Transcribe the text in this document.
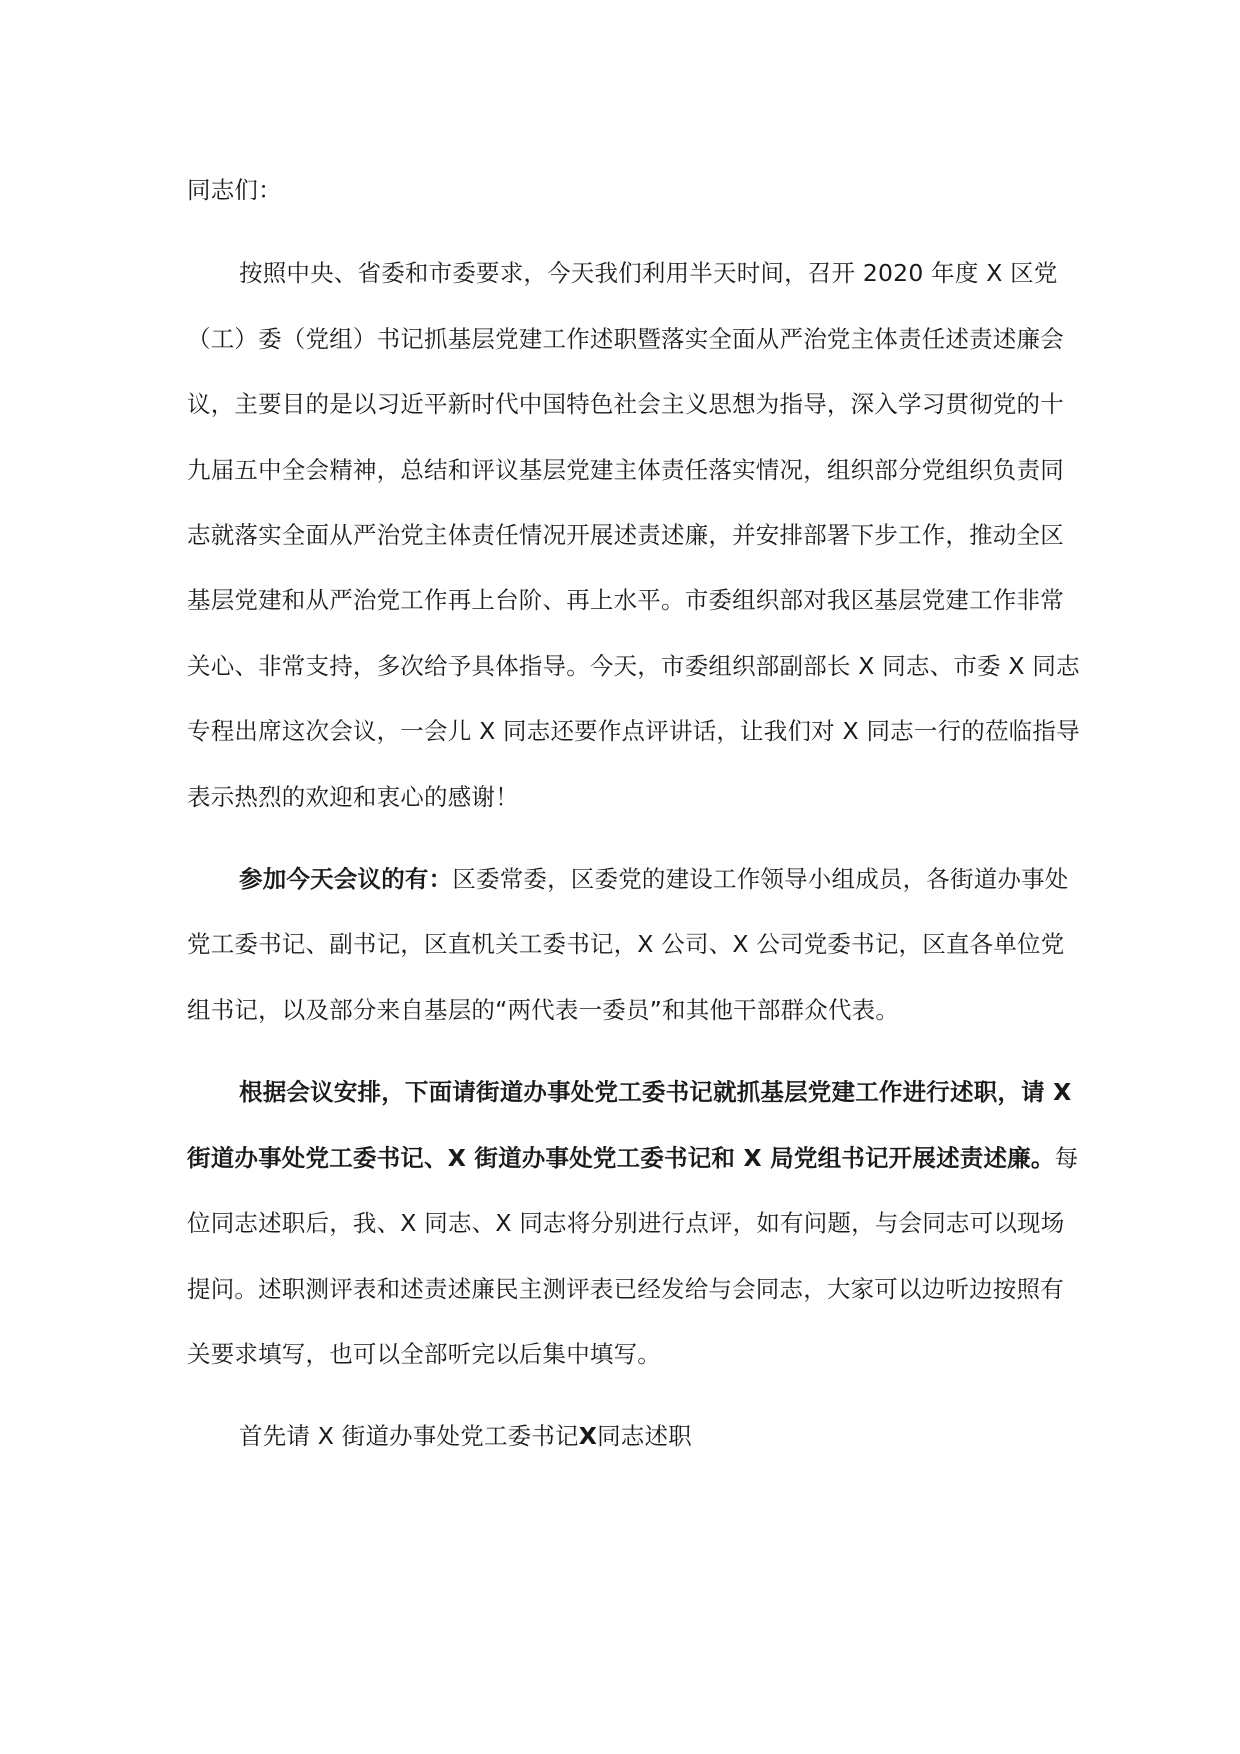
同志们：

按照中央、省委和市委要求，今天我们利用半天时间，召开 2020 年度 X 区党（工）委（党组）书记抓基层党建工作述职暨落实全面从严治党主体责任述责述廉会议，主要目的是以习近平新时代中国特色社会主义思想为指导，深入学习贯彻党的十九届五中全会精神，总结和评议基层党建主体责任落实情况，组织部分党组织负责同志就落实全面从严治党主体责任情况开展述责述廉，并安排部署下步工作，推动全区基层党建和从严治党工作再上台阶、再上水平。市委组织部对我区基层党建工作非常关心、非常支持，多次给予具体指导。今天，市委组织部副部长 X 同志、市委 X 同志专程出席这次会议，一会儿 X 同志还要作点评讲话，让我们对 X 同志一行的莅临指导表示热烈的欢迎和衷心的感谢！

参加今天会议的有：区委常委，区委党的建设工作领导小组成员，各街道办事处党工委书记、副书记，区直机关工委书记，X 公司、X 公司党委书记，区直各单位党组书记，以及部分来自基层的“两代表一委员”和其他干部群众代表。

根据会议安排，下面请街道办事处党工委书记就抓基层党建工作进行述职，请 X 街道办事处党工委书记、X 街道办事处党工委书记和 X 局党组书记开展述责述廉。每位同志述职后，我、X 同志、X 同志将分别进行点评，如有问题，与会同志可以现场提问。述职测评表和述责述廉民主测评表已经发给与会同志，大家可以边听边按照有关要求填写，也可以全部听完以后集中填写。

首先请 X 街道办事处党工委书记X同志述职
